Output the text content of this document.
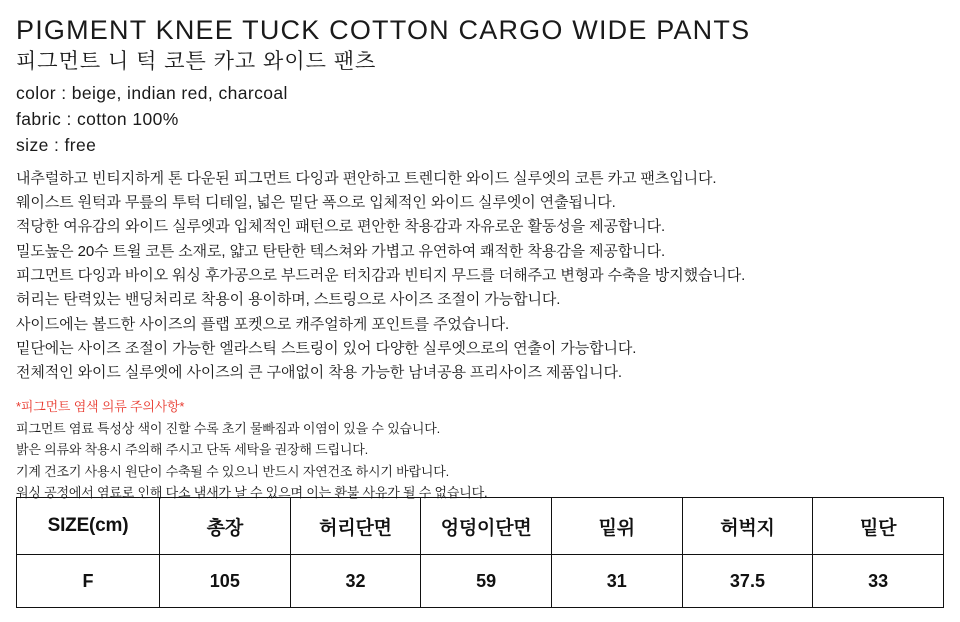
PIGMENT KNEE TUCK COTTON CARGO WIDE PANTS
피그먼트 니 턱 코튼 카고 와이드 팬츠
color : beige, indian red, charcoal
fabric : cotton 100%
size : free
내추럴하고 빈티지하게 톤 다운된 피그먼트 다잉과 편안하고 트렌디한 와이드 실루엣의 코튼 카고 팬츠입니다.
웨이스트 원턱과 무릎의 투턱 디테일, 넓은 밑단 폭으로 입체적인 와이드 실루엣이 연출됩니다.
적당한 여유감의 와이드 실루엣과 입체적인 패턴으로 편안한 착용감과 자유로운 활동성을 제공합니다.
밀도높은 20수 트윌 코튼 소재로, 얇고 탄탄한 텍스쳐와 가볍고 유연하여 쾌적한 착용감을 제공합니다.
피그먼트 다잉과 바이오 워싱 후가공으로 부드러운 터치감과 빈티지 무드를 더해주고 변형과 수축을 방지했습니다.
허리는 탄력있는 밴딩처리로 착용이 용이하며, 스트링으로 사이즈 조절이 가능합니다.
사이드에는 볼드한 사이즈의 플랩 포켓으로 캐주얼하게 포인트를 주었습니다.
밑단에는 사이즈 조절이 가능한 엘라스틱 스트링이 있어 다양한 실루엣으로의 연출이 가능합니다.
전체적인 와이드 실루엣에 사이즈의 큰 구애없이 착용 가능한 남녀공용 프리사이즈 제품입니다.
*피그먼트 염색 의류 주의사항*
피그먼트 염료 특성상 색이 진할 수록 초기 물빠짐과 이염이 있을 수 있습니다.
밝은 의류와 착용시 주의해 주시고 단독 세탁을 권장해 드립니다.
기계 건조기 사용시 원단이 수축될 수 있으니 반드시 자연건조 하시기 바랍니다.
워싱 공정에서 염료로 인해 다소 냄새가 날 수 있으며 이는 환불 사유가 될 수 없습니다.
SIZE(cm)	총장	허리단면	엉덩이단면	밑위	허벅지	밑단
F	105	32	59	31	37.5	33
